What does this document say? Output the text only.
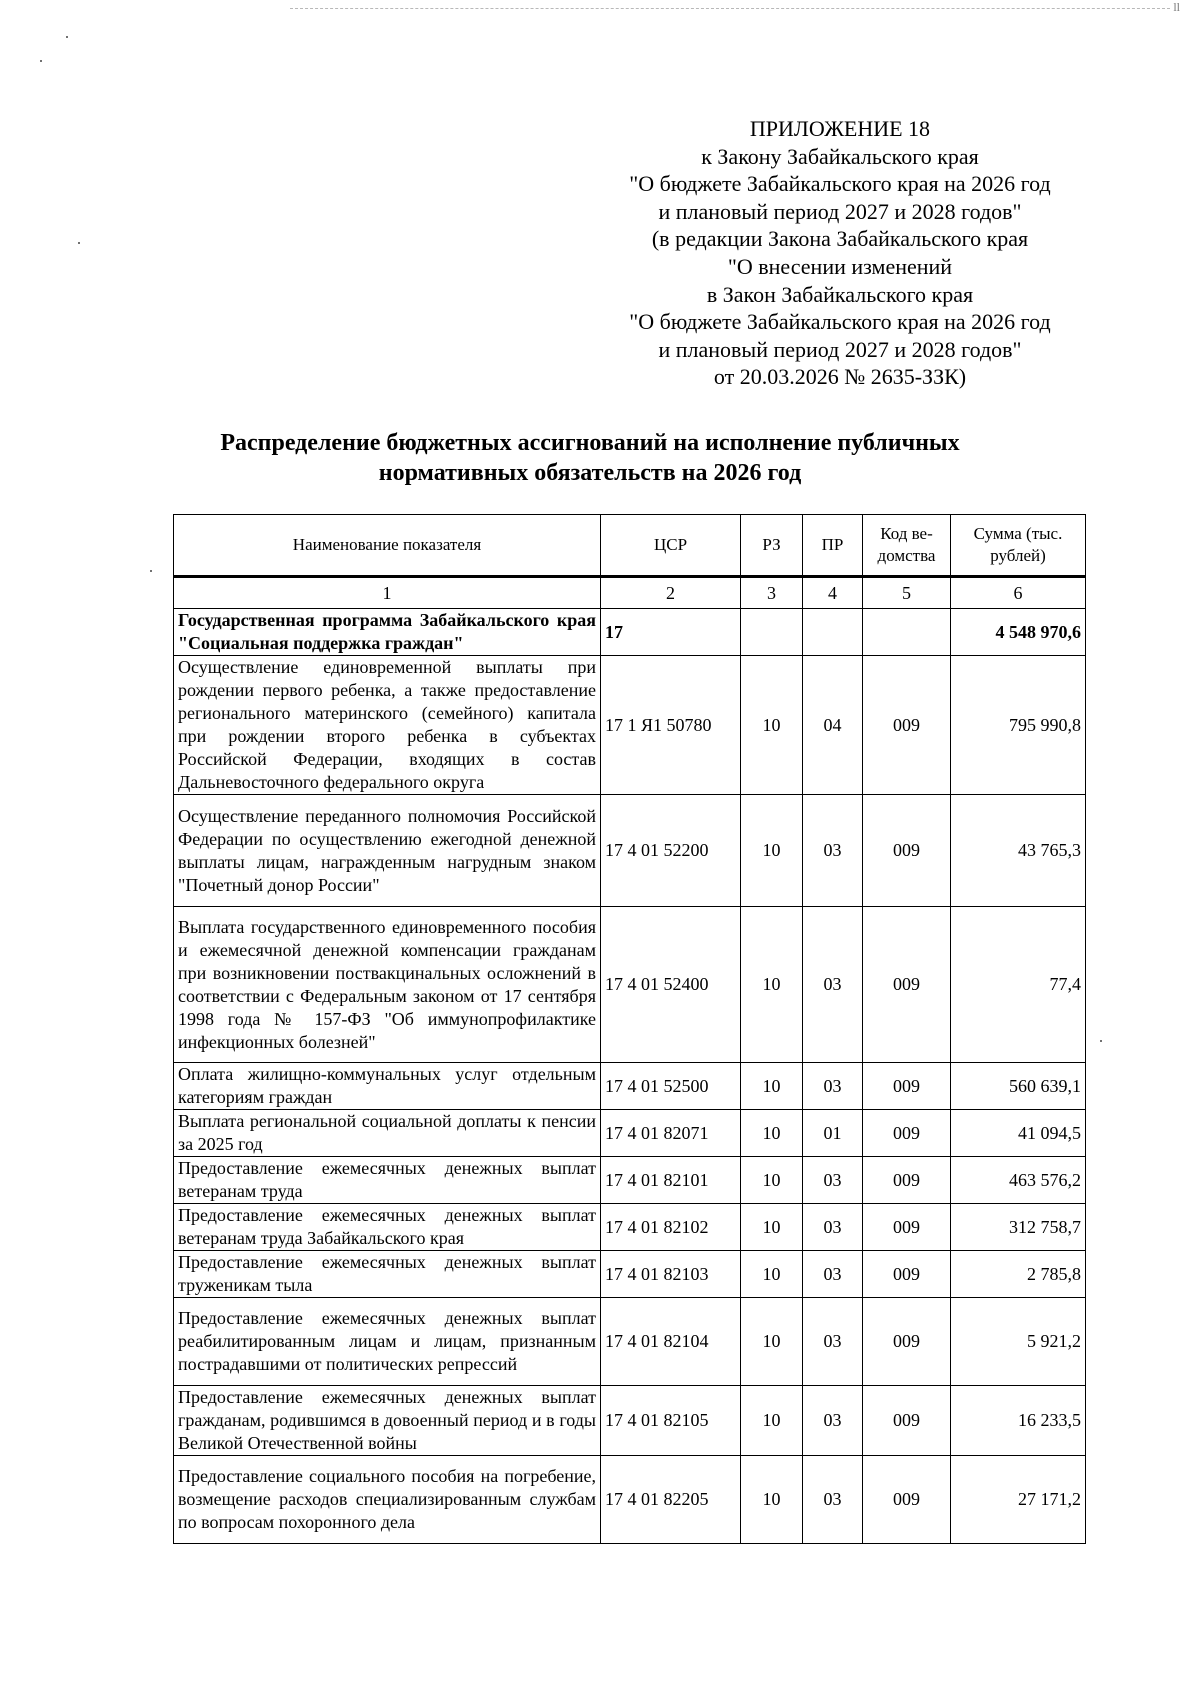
ll
ПРИЛОЖЕНИЕ 18
к Закону Забайкальского края
"О бюджете Забайкальского края на 2026 год
и плановый период 2027 и 2028 годов"
(в редакции Закона Забайкальского края
"О внесении изменений
в Закон Забайкальского края
"О бюджете Забайкальского края на 2026 год
и плановый период 2027 и 2028 годов"
от 20.03.2026 № 2635-ЗЗК)
Распределение бюджетных ассигнований на исполнение публичных
нормативных обязательств на 2026 год
Наименование показателя	ЦСР	РЗ	ПР	Код ве-домства	Сумма (тыс. рублей)
1	2	3	4	5	6
Государственная программа Забайкальского края "Социальная поддержка граждан"	17				4 548 970,6
Осуществление единовременной выплаты при рождении первого ребенка, а также предоставление регионального материнского (семейного) капитала при рождении второго ребенка в субъектах Российской Федерации, входящих в состав Дальневосточного федерального округа	17 1 Я1 50780	10	04	009	795 990,8
Осуществление переданного полномочия Российской Федерации по осуществлению ежегодной денежной выплаты лицам, награжденным нагрудным знаком "Почетный донор России"	17 4 01 52200	10	03	009	43 765,3
Выплата государственного единовременного пособия и ежемесячной денежной компенсации гражданам при возникновении поствакцинальных осложнений в соответствии с Федеральным законом от 17 сентября 1998 года № 157-ФЗ "Об иммунопрофилактике инфекционных болезней"	17 4 01 52400	10	03	009	77,4
Оплата жилищно-коммунальных услуг отдельным категориям граждан	17 4 01 52500	10	03	009	560 639,1
Выплата региональной социальной доплаты к пенсии за 2025 год	17 4 01 82071	10	01	009	41 094,5
Предоставление ежемесячных денежных выплат ветеранам труда	17 4 01 82101	10	03	009	463 576,2
Предоставление ежемесячных денежных выплат ветеранам труда Забайкальского края	17 4 01 82102	10	03	009	312 758,7
Предоставление ежемесячных денежных выплат труженикам тыла	17 4 01 82103	10	03	009	2 785,8
Предоставление ежемесячных денежных выплат реабилитированным лицам и лицам, признанным пострадавшими от политических репрессий	17 4 01 82104	10	03	009	5 921,2
Предоставление ежемесячных денежных выплат гражданам, родившимся в довоенный период и в годы Великой Отечественной войны	17 4 01 82105	10	03	009	16 233,5
Предоставление социального пособия на погребение, возмещение расходов специализированным службам по вопросам похоронного дела	17 4 01 82205	10	03	009	27 171,2
